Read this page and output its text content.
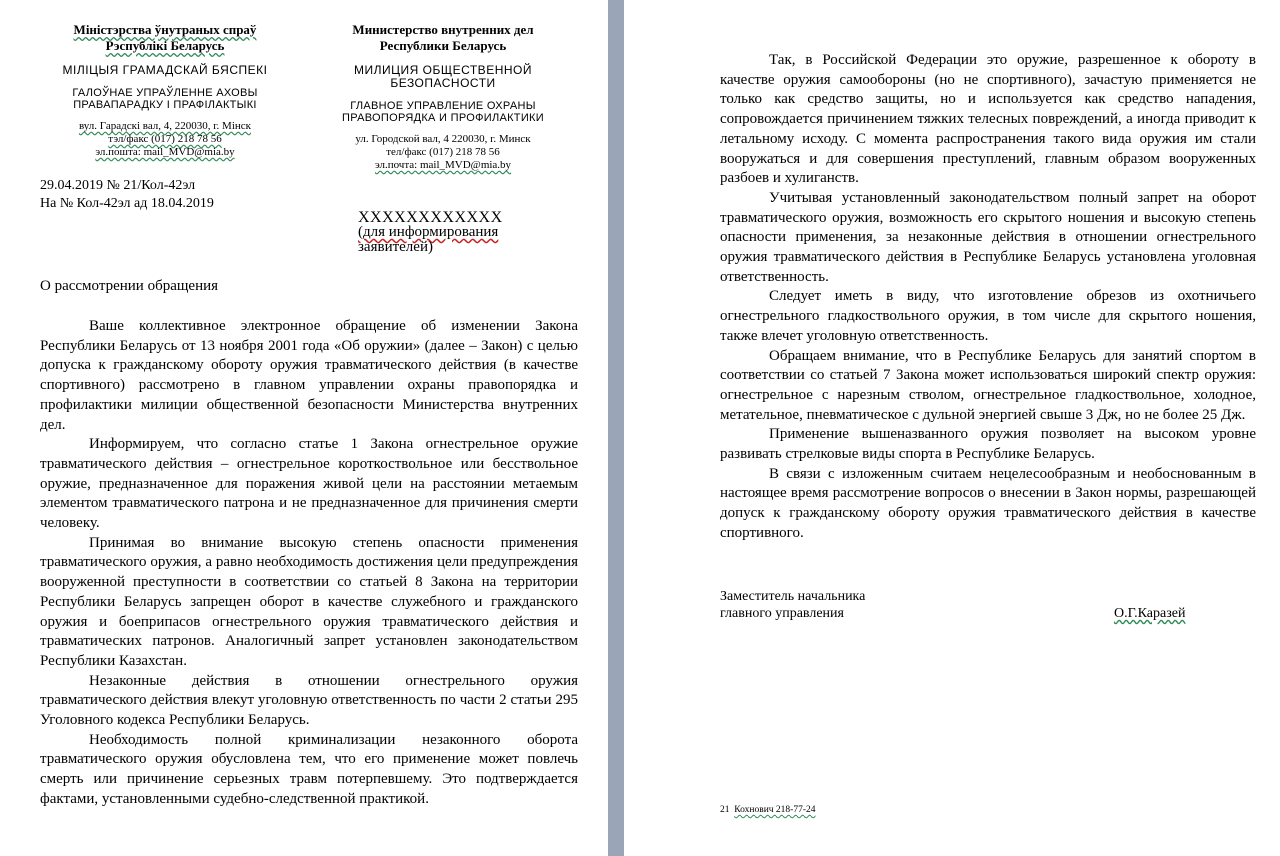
Міністэрства ўнутраных спраў
Рэспублікі Беларусь
МІЛІЦЫЯ ГРАМАДСКАЙ БЯСПЕКІ
ГАЛОЎНАЕ УПРАЎЛЕННЕ АХОВЫ
ПРАВАПАРАДКУ І ПРАФІЛАКТЫКІ
вул. Гарадскі вал, 4, 220030, г. Мінск
тэл/факс (017) 218 78 56
эл.пошта: mail_MVD@mia.by
Министерство внутренних дел
Республики Беларусь
МИЛИЦИЯ ОБЩЕСТВЕННОЙ
БЕЗОПАСНОСТИ
ГЛАВНОЕ УПРАВЛЕНИЕ ОХРАНЫ
ПРАВОПОРЯДКА И ПРОФИЛАКТИКИ
ул. Городской вал, 4 220030, г. Минск
тел/факс (017) 218 78 56
эл.почта: mail_MVD@mia.by
29.04.2019 № 21/Кол-42эл
На № Кол-42эл ад 18.04.2019
XXXXXXXXXXXX
(для информирования
заявителей)
О рассмотрении обращения

Ваше коллективное электронное обращение об изменении Закона Республики Беларусь от 13 ноября 2001 года «Об оружии» (далее – Закон) с целью допуска к гражданскому обороту оружия травматического действия (в качестве спортивного) рассмотрено в главном управлении охраны правопорядка и профилактики милиции общественной безопасности Министерства внутренних дел.

Информируем, что согласно статье 1 Закона огнестрельное оружие травматического действия – огнестрельное короткоствольное или бесствольное оружие, предназначенное для поражения живой цели на расстоянии метаемым элементом травматического патрона и не предназначенное для причинения смерти человеку.

Принимая во внимание высокую степень опасности применения травматического оружия, а равно необходимость достижения цели предупреждения вооруженной преступности в соответствии со статьей 8 Закона на территории Республики Беларусь запрещен оборот в качестве служебного и гражданского оружия и боеприпасов огнестрельного оружия травматического действия и травматических патронов. Аналогичный запрет установлен законодательством Республики Казахстан.

Незаконные действия в отношении огнестрельного оружия травматического действия влекут уголовную ответственность по части 2 статьи 295 Уголовного кодекса Республики Беларусь.

Необходимость полной криминализации незаконного оборота травматического оружия обусловлена тем, что его применение может повлечь смерть или причинение серьезных травм потерпевшему. Это подтверждается фактами, установленными судебно-следственной практикой.

Так, в Российской Федерации это оружие, разрешенное к обороту в качестве оружия самообороны (но не спортивного), зачастую применяется не только как средство защиты, но и используется как средство нападения, сопровождается причинением тяжких телесных повреждений, а иногда приводит к летальному исходу. С момента распространения такого вида оружия им стали вооружаться и для совершения преступлений, главным образом вооруженных разбоев и хулиганств.

Учитывая установленный законодательством полный запрет на оборот травматического оружия, возможность его скрытого ношения и высокую степень опасности применения, за незаконные действия в отношении огнестрельного оружия травматического действия в Республике Беларусь установлена уголовная ответственность.

Следует иметь в виду, что изготовление обрезов из охотничьего огнестрельного гладкоствольного оружия, в том числе для скрытого ношения, также влечет уголовную ответственность.

Обращаем внимание, что в Республике Беларусь для занятий спортом в соответствии со статьей 7 Закона может использоваться широкий спектр оружия: огнестрельное с нарезным стволом, огнестрельное гладкоствольное, холодное, метательное, пневматическое с дульной энергией свыше 3 Дж, но не более 25 Дж.

Применение вышеназванного оружия позволяет на высоком уровне развивать стрелковые виды спорта в Республике Беларусь.

В связи с изложенным считаем нецелесообразным и необоснованным в настоящее время рассмотрение вопросов о внесении в Закон нормы, разрешающей допуск к гражданскому обороту оружия травматического действия в качестве спортивного.

Заместитель начальника
главного управления	О.Г.Каразей
21 Кохнович 218-77-24
